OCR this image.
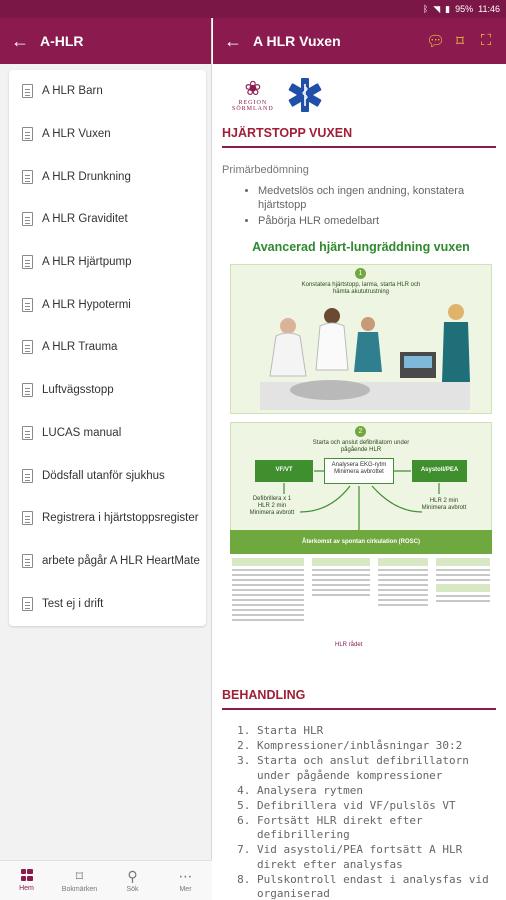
ᛒ ◥ ▮ 95% 11:46
← A-HLR
A HLR Barn
A HLR Vuxen
A HLR Drunkning
A HLR Graviditet
A HLR Hjärtpump
A HLR Hypotermi
A HLR Trauma
Luftvägsstopp
LUCAS manual
Dödsfall utanför sjukhus
Registrera i hjärtstoppsregister
arbete pågår A HLR HeartMate
Test ej i drift
Hem
⌑
Bokmärken
⚲
Sök
⋯
Mer
← A HLR Vuxen	💬︎ ⌑ ⛶
❀
REGION
SÖRMLAND
HJÄRTSTOPP VUXEN
Primärbedömning
• Medvetslös och ingen andning, konstatera hjärtstopp
• Påbörja HLR omedelbart
Avancerad hjärt-lungräddning vuxen
1
Konstatera hjärtstopp, larma, starta HLR och hämta akututrustning
2
Starta och anslut defibrillatorn under pågående HLR
VF/VT
Analysera EKG-rytm
Minimera avbrottet	Asystoli/PEA
Defibrillera x 1
HLR 2 min
Minimera avbrott
HLR 2 min
Minimera avbrott
Återkomst av spontan cirkulation (ROSC)
HLR rådet
BEHANDLING
1. Starta HLR
2. Kompressioner/inblåsningar 30:2
3. Starta och anslut defibrillatorn under pågående kompressioner
4. Analysera rytmen
5. Defibrillera vid VF/pulslös VT
6. Fortsätt HLR direkt efter defibrillering
7. Vid asystoli/PEA fortsätt A HLR direkt efter analysfas
8. Pulskontroll endast i analysfas vid organiserad
